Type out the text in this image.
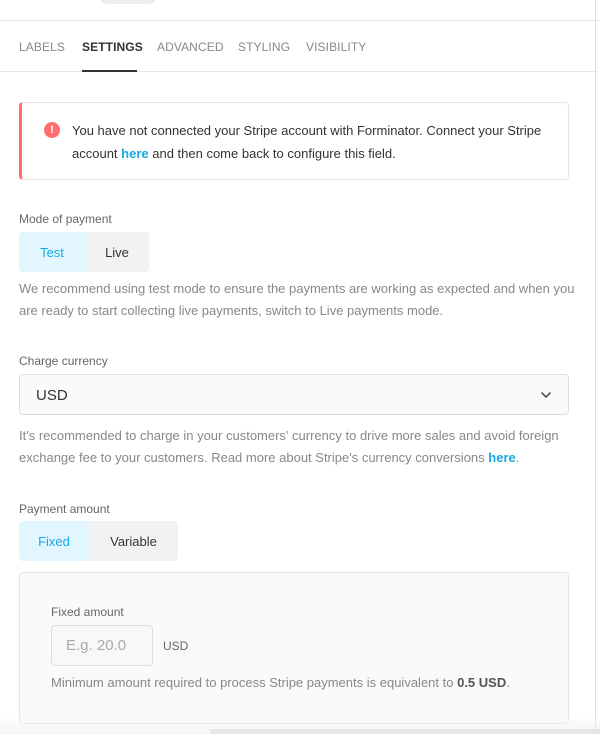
LABELS SETTINGS ADVANCED STYLING VISIBILITY
!	You have not connected your Stripe account with Forminator. Connect your Stripe account here and then come back to configure this field.
Mode of payment
Test	Live
We recommend using test mode to ensure the payments are working as expected and when you are ready to start collecting live payments, switch to Live payments mode.
Charge currency
USD
It's recommended to charge in your customers' currency to drive more sales and avoid foreign exchange fee to your customers. Read more about Stripe's currency conversions here.
Payment amount
Fixed	Variable
Fixed amount
E.g. 20.0
USD
Minimum amount required to process Stripe payments is equivalent to 0.5 USD.
